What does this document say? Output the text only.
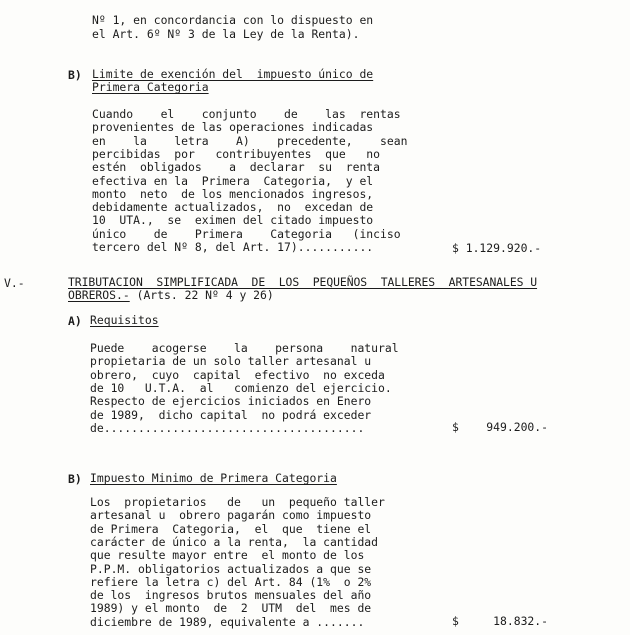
Nº 1, en concordancia con lo dispuesto en
el Art. 6º Nº 3 de la Ley de la Renta).
B) Limite de exención del  impuesto único de
Primera Categoria
Cuando    el    conjunto    de    las  rentas
provenientes de las operaciones indicadas
en    la    letra    A)    precedente,    sean
percibidas  por   contribuyentes  que   no
estén  obligados    a  declarar  su  renta
efectiva en la  Primera  Categoria,  y el
monto  neto  de los mencionados ingresos,
debidamente actualizados,  no  excedan de
10  UTA.,  se  eximen del citado impuesto
único    de    Primera    Categoria   (inciso
tercero del Nº 8, del Art. 17)...........	$ 1.129.920.-
V.-	TRIBUTACION  SIMPLIFICADA  DE  LOS  PEQUEÑOS  TALLERES  ARTESANALES U
OBREROS.- (Arts. 22 Nº 4 y 26)
A) Requisitos
Puede    acogerse    la    persona    natural
propietaria de un solo taller artesanal u
obrero,  cuyo  capital  efectivo  no exceda
de 10   U.T.A.  al   comienzo del ejercicio.
Respecto de ejercicios iniciados en Enero
de 1989,  dicho capital  no podrá exceder
de......................................	$    949.200.-
B) Impuesto Minimo de Primera Categoria
Los  propietarios   de   un  pequeño taller
artesanal u  obrero pagarán como impuesto
de Primera  Categoria,  el  que  tiene el
carácter de único a la renta,  la cantidad
que resulte mayor entre  el monto de los
P.P.M. obligatorios actualizados a que se
refiere la letra c) del Art. 84 (1%  o 2%
de los  ingresos brutos mensuales del año
1989) y el monto  de  2  UTM  del  mes de
diciembre de 1989, equivalente a .......	$     18.832.-
